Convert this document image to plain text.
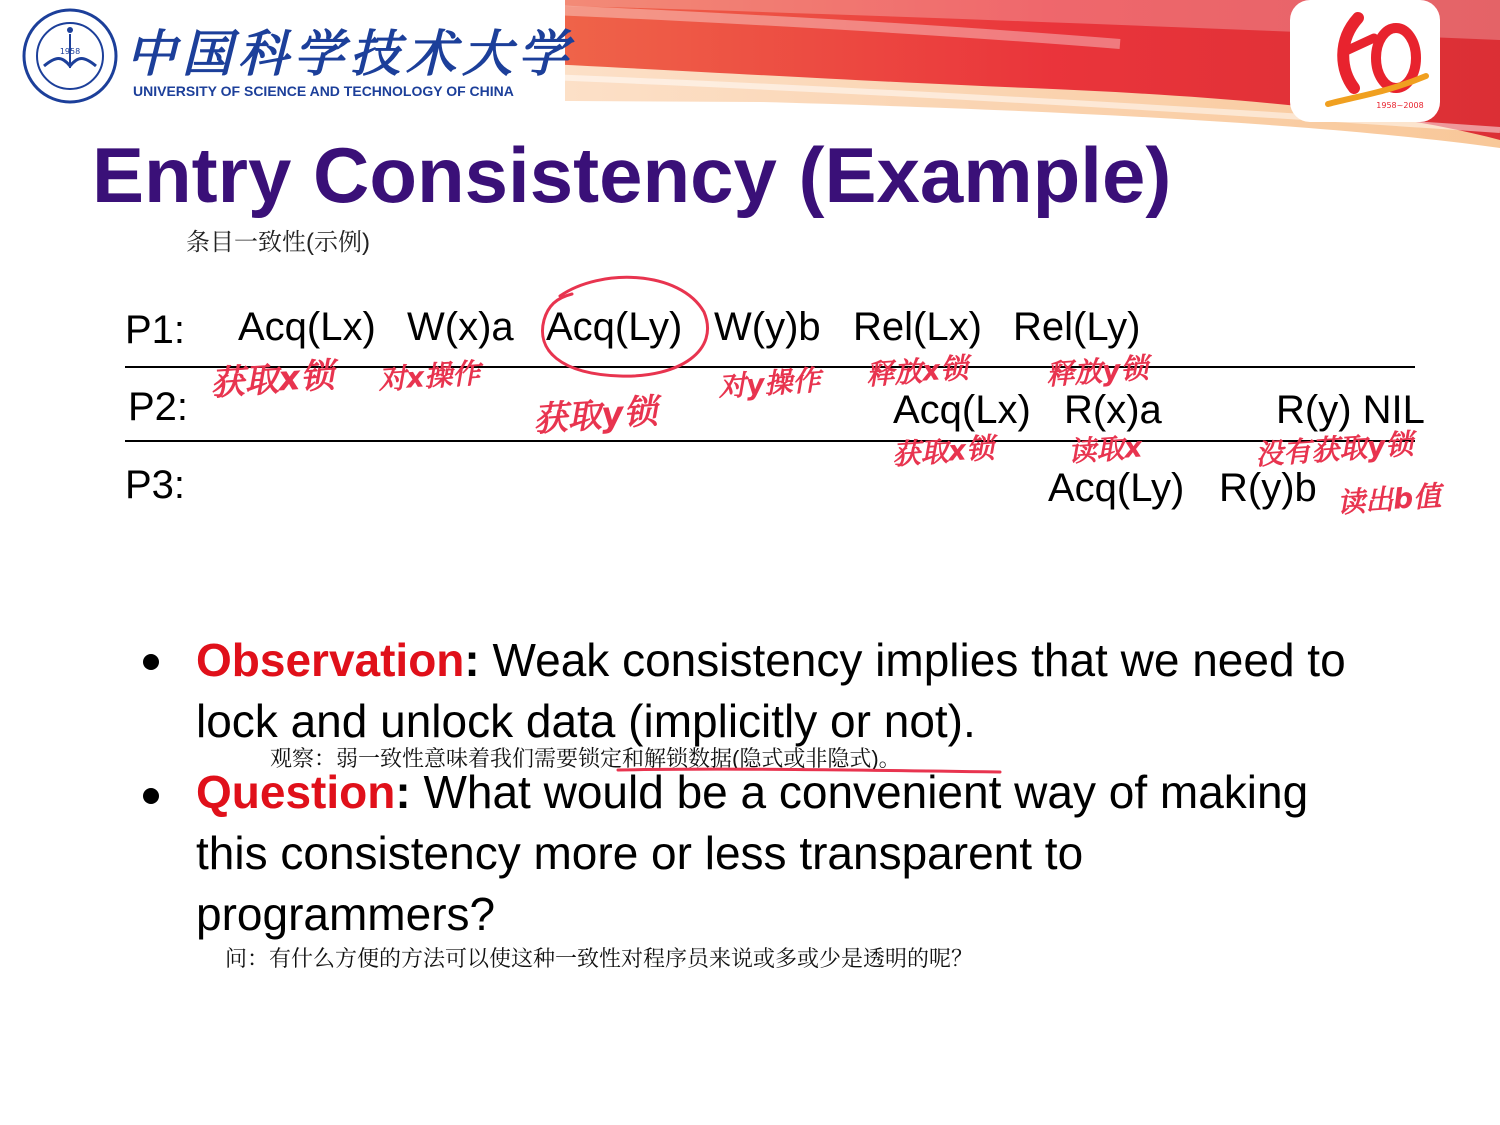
1958 中国科学技术大学
UNIVERSITY OF SCIENCE AND TECHNOLOGY OF CHINA
1958~2008
Entry Consistency (Example)
条目一致性(示例)
P1: Acq(Lx) W(x)a Acq(Ly) W(y)b Rel(Lx) Rel(Ly)
P2:	Acq(Lx) R(x)a	R(y) NIL
P3:	Acq(Ly) R(y)b
获取x锁 对x操作
获取y锁
对y操作 释放x锁	释放y锁
获取x锁	读取x	没有获取y锁
读出b值
Observation: Weak consistency implies that we need to lock and unlock data (implicitly or not).
观察：弱一致性意味着我们需要锁定和解锁数据(隐式或非隐式)。
Question: What would be a convenient way of making this consistency more or less transparent to programmers?
问：有什么方便的方法可以使这种一致性对程序员来说或多或少是透明的呢？
